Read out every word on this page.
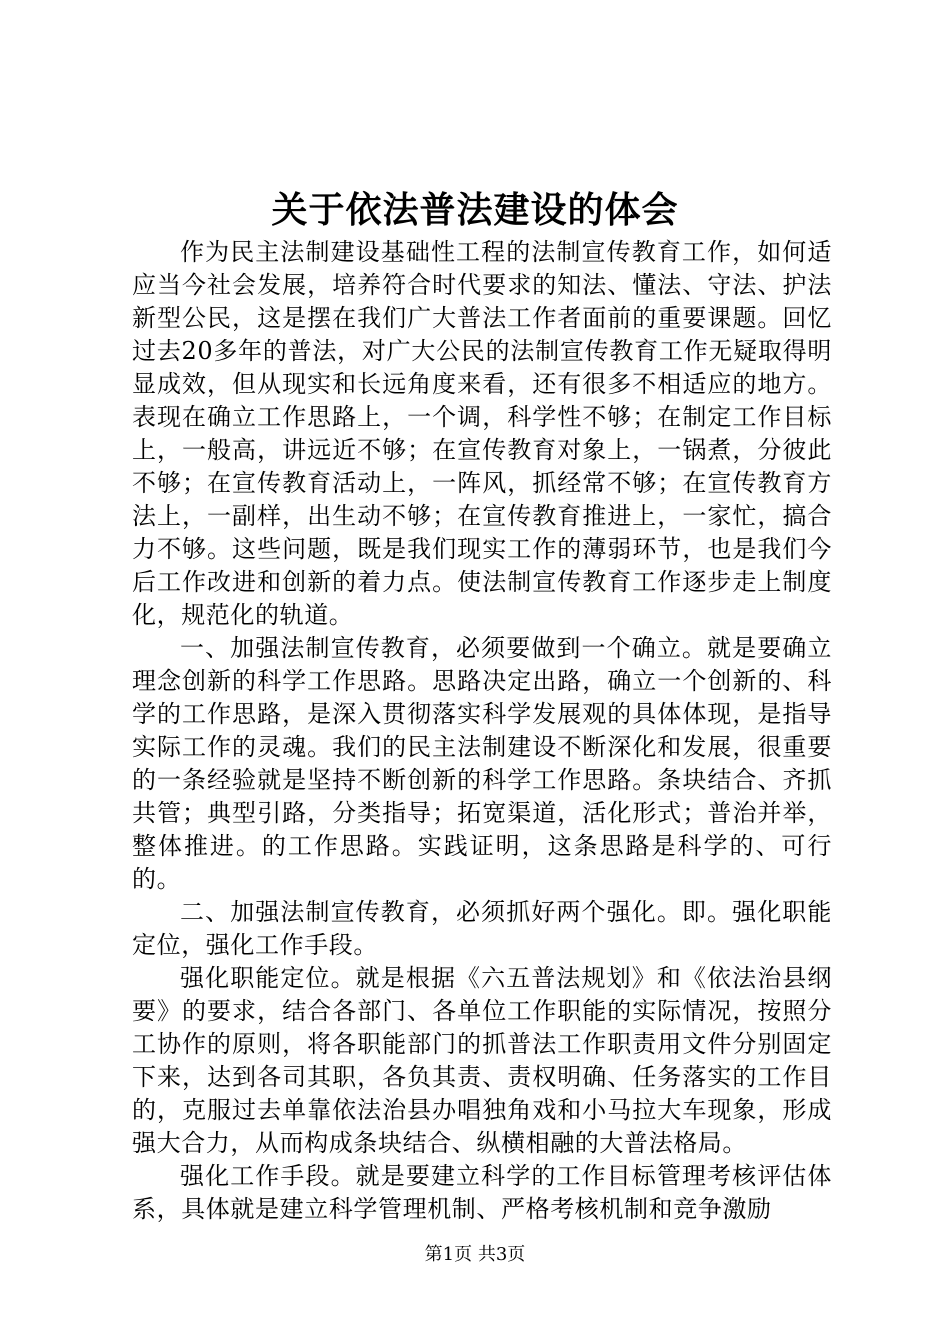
关于依法普法建设的体会

作为民主法制建设基础性工程的法制宣传教育工作，如何适应当今社会发展，培养符合时代要求的知法、懂法、守法、护法新型公民，这是摆在我们广大普法工作者面前的重要课题。回忆过去20多年的普法，对广大公民的法制宣传教育工作无疑取得明显成效，但从现实和长远角度来看，还有很多不相适应的地方。表现在确立工作思路上，一个调，科学性不够；在制定工作目标上，一般高，讲远近不够；在宣传教育对象上，一锅煮，分彼此不够；在宣传教育活动上，一阵风，抓经常不够；在宣传教育方法上，一副样，出生动不够；在宣传教育推进上，一家忙，搞合力不够。这些问题，既是我们现实工作的薄弱环节，也是我们今后工作改进和创新的着力点。使法制宣传教育工作逐步走上制度化，规范化的轨道。

一、加强法制宣传教育，必须要做到一个确立。就是要确立理念创新的科学工作思路。思路决定出路，确立一个创新的、科学的工作思路，是深入贯彻落实科学发展观的具体体现，是指导实际工作的灵魂。我们的民主法制建设不断深化和发展，很重要的一条经验就是坚持不断创新的科学工作思路。条块结合、齐抓共管；典型引路，分类指导；拓宽渠道，活化形式；普治并举，整体推进。的工作思路。实践证明，这条思路是科学的、可行的。

二、加强法制宣传教育，必须抓好两个强化。即。强化职能定位，强化工作手段。

强化职能定位。就是根据《六五普法规划》和《依法治县纲要》的要求，结合各部门、各单位工作职能的实际情况，按照分工协作的原则，将各职能部门的抓普法工作职责用文件分别固定下来，达到各司其职，各负其责、责权明确、任务落实的工作目的，克服过去单靠依法治县办唱独角戏和小马拉大车现象，形成强大合力，从而构成条块结合、纵横相融的大普法格局。

强化工作手段。就是要建立科学的工作目标管理考核评估体系，具体就是建立科学管理机制、严格考核机制和竞争激励

第1页 共3页
